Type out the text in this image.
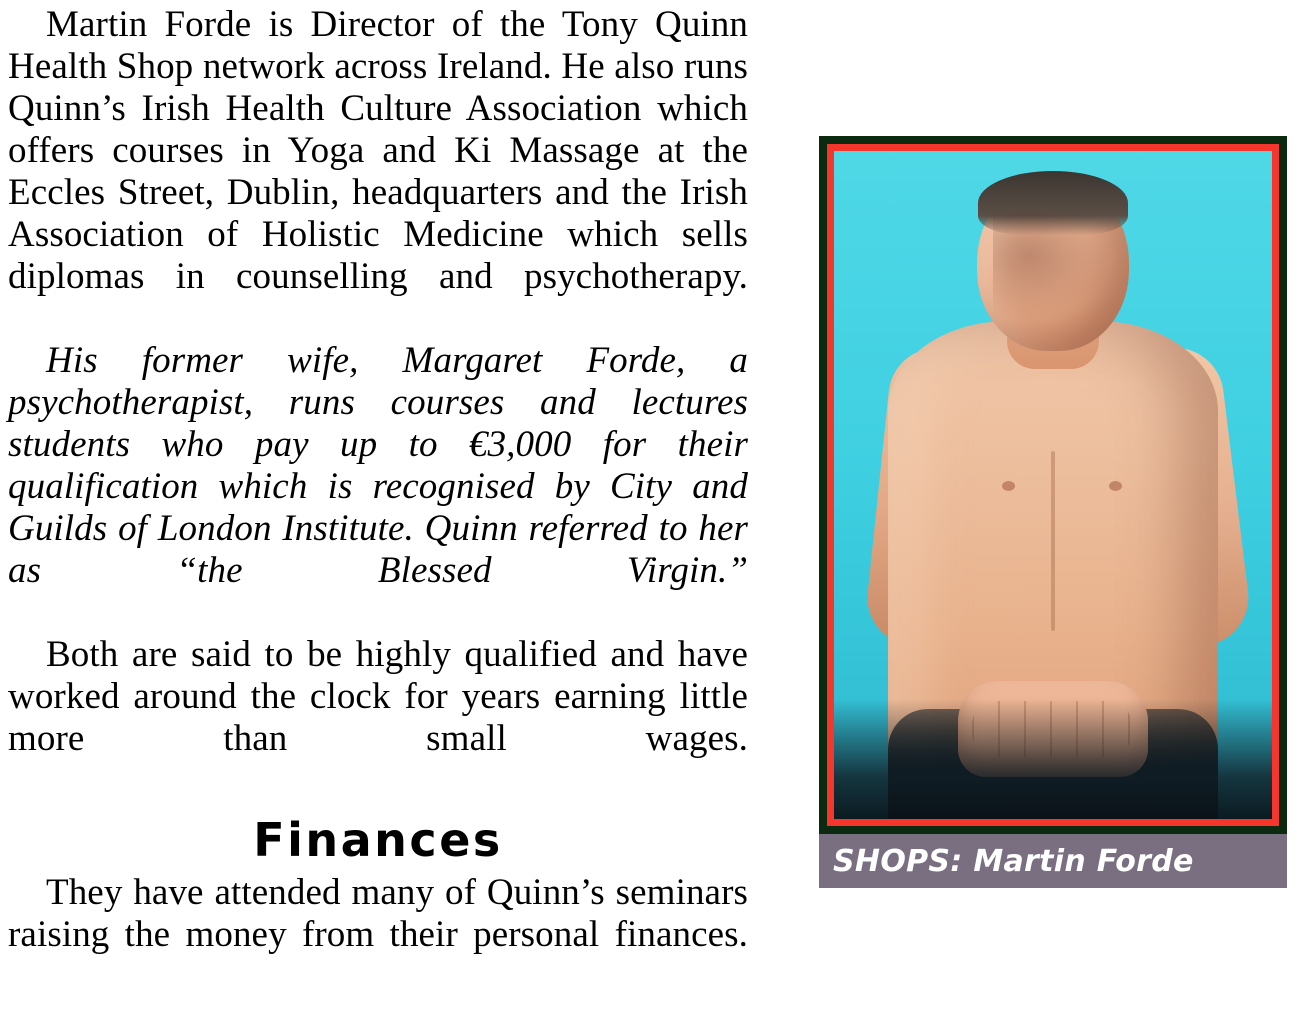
Martin Forde is Director of the Tony Quinn Health Shop network across Ireland. He also runs Quinn’s Irish Health Culture Association which offers courses in Yoga and Ki Massage at the Eccles Street, Dublin, headquarters and the Irish Association of Holistic Medicine which sells diplomas in counselling and psychotherapy.

His former wife, Margaret Forde, a psychotherapist, runs courses and lectures students who pay up to €3,000 for their qualification which is recognised by City and Guilds of London Institute. Quinn referred to her as “the Blessed Virgin.”

Both are said to be highly qualified and have worked around the clock for years earning little more than small wages.

Finances

They have attended many of Quinn’s seminars raising the money from their personal finances.

SHOPS: Martin Forde
